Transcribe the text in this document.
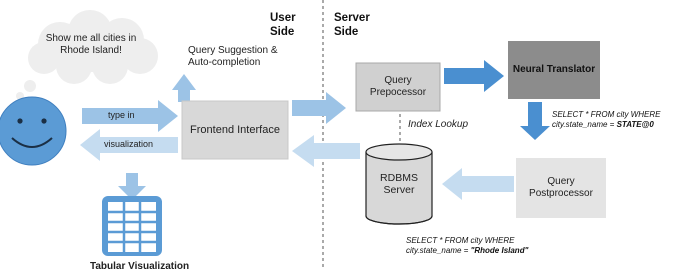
User Side
Server Side
Show me all cities in Rhode Island!	Query Suggestion & Auto-completion
type in
visualization
Tabular Visualization
Frontend Interface
Query Prepocessor
Neural Translator
Index Lookup
RDBMS Server
Query Postprocessor
SELECT * FROM city WHERE
city.state_name = STATE@0
SELECT * FROM city WHERE
city.state_name = "Rhode Island"
